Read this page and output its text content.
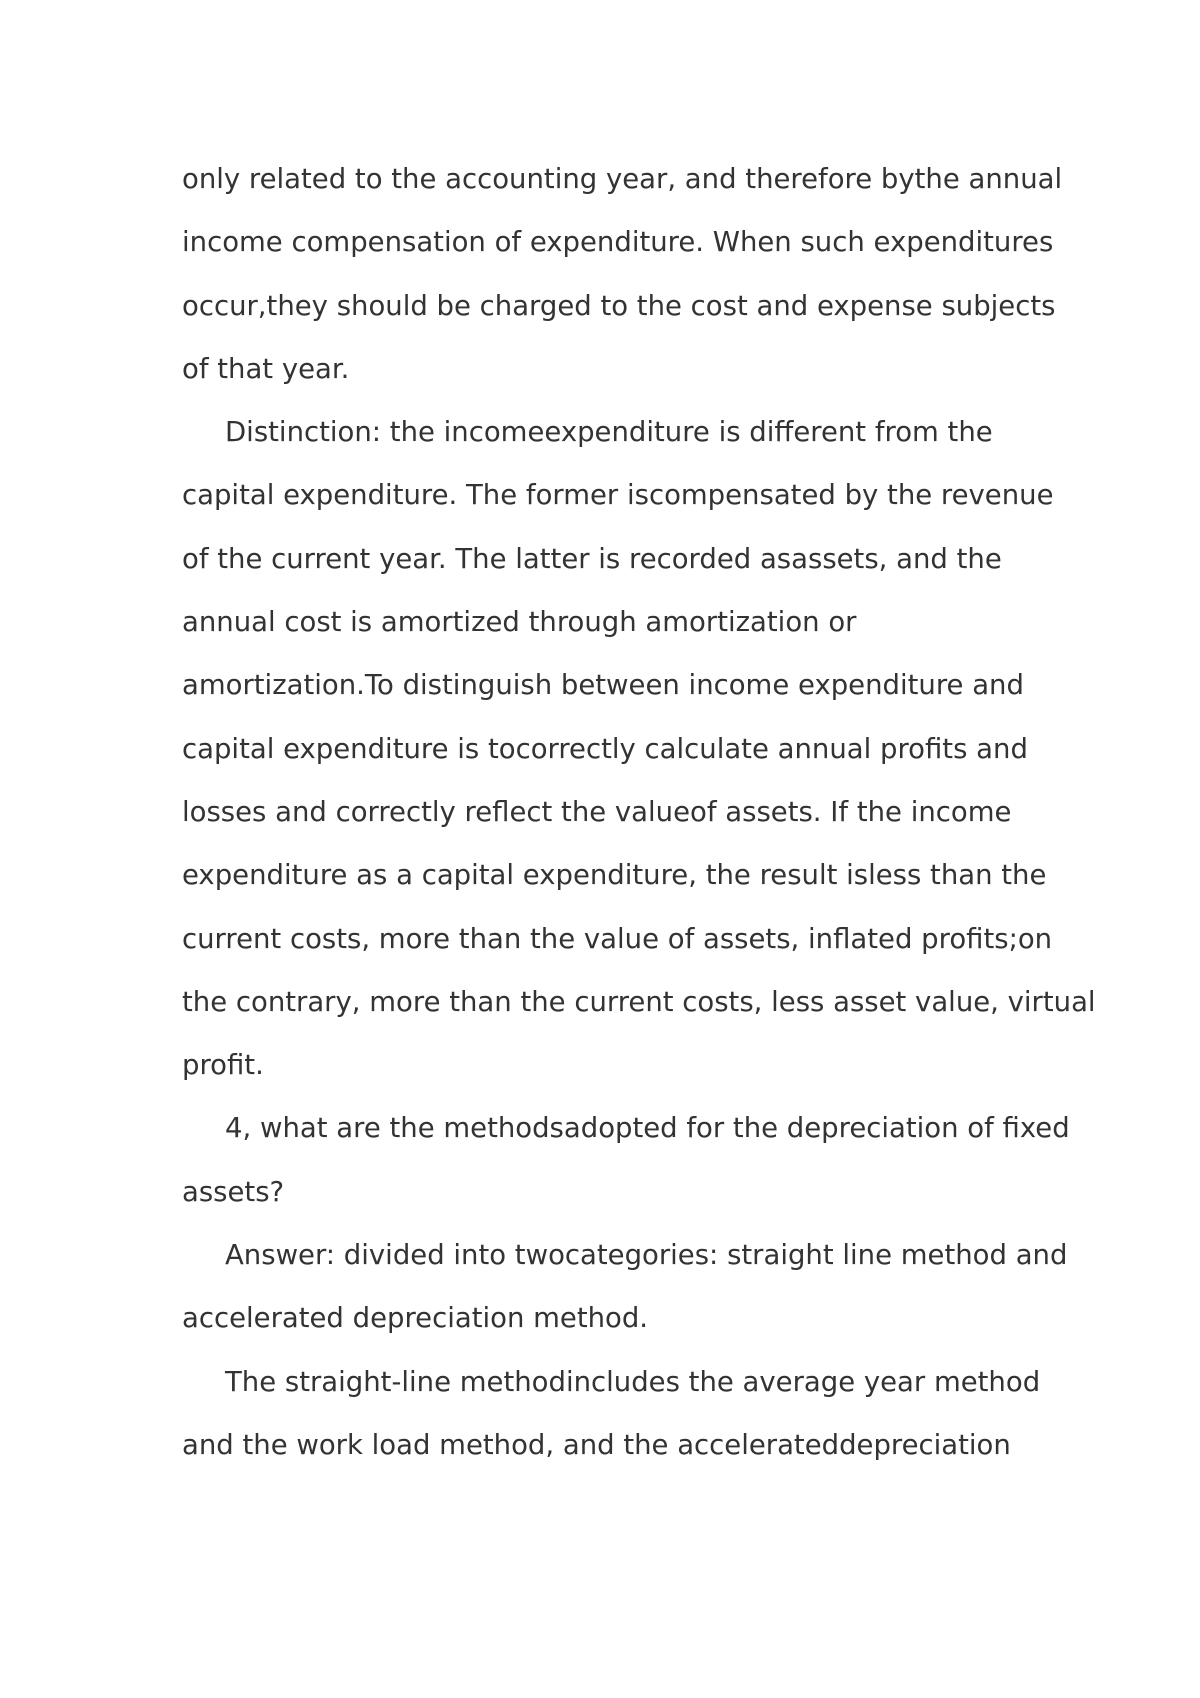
only related to the accounting year, and therefore bythe annual
income compensation of expenditure. When such expenditures
occur,they should be charged to the cost and expense subjects
of that year.
Distinction: the incomeexpenditure is different from the
capital expenditure. The former iscompensated by the revenue
of the current year. The latter is recorded asassets, and the
annual cost is amortized through amortization or
amortization.To distinguish between income expenditure and
capital expenditure is tocorrectly calculate annual profits and
losses and correctly reflect the valueof assets. If the income
expenditure as a capital expenditure, the result isless than the
current costs, more than the value of assets, inflated profits;on
the contrary, more than the current costs, less asset value, virtual
profit.
4, what are the methodsadopted for the depreciation of fixed
assets?
Answer: divided into twocategories: straight line method and
accelerated depreciation method.
The straight-line methodincludes the average year method
and the work load method, and the accelerateddepreciation
